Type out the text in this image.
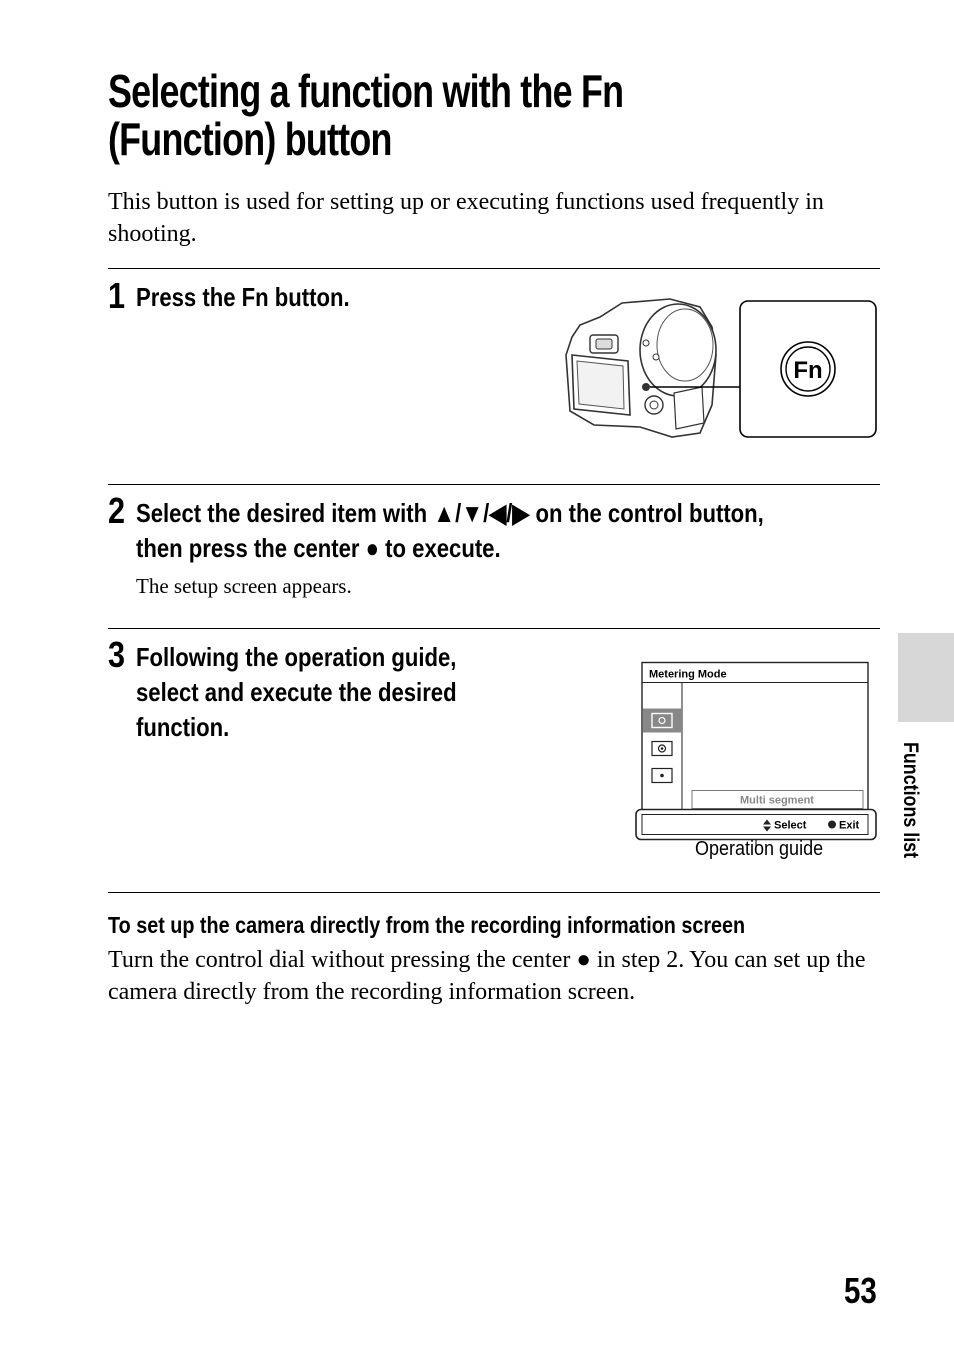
Selecting a function with the Fn
(Function) button
This button is used for setting up or executing functions used frequently in shooting.
1 Press the Fn button.
Fn
2 Select the desired item with ▲/▼/◀/▶ on the control button,
then press the center ● to execute.
The setup screen appears.
3 Following the operation guide,
select and execute the desired
function.
Metering Mode
Multi segment
Select	Exit
Operation guide
To set up the camera directly from the recording information screen
Turn the control dial without pressing the center ● in step 2. You can set up the camera directly from the recording information screen.
Functions list
53
